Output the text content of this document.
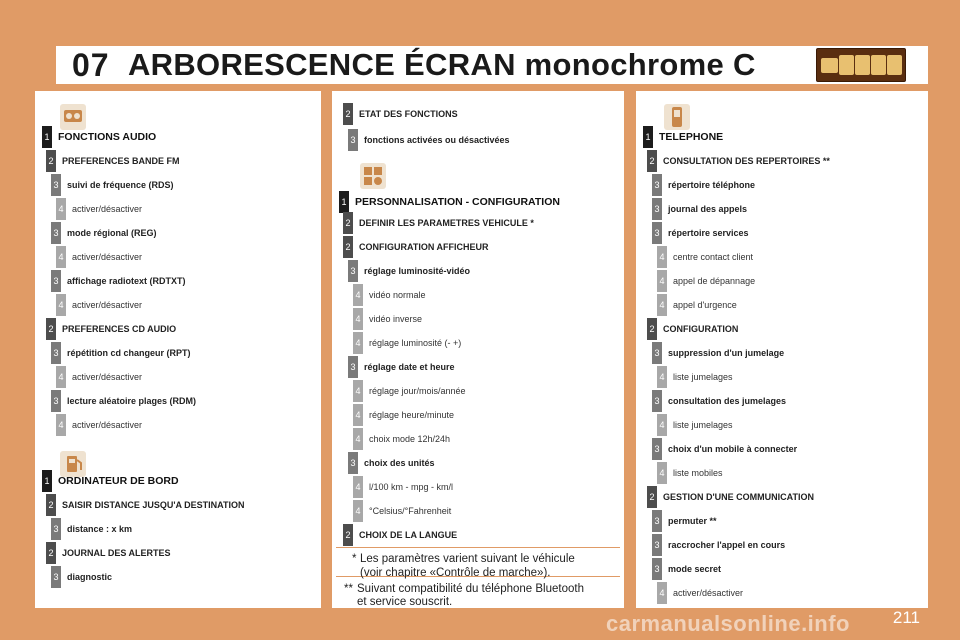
07 ARBORESCENCE ÉCRAN monochrome C
1 FONCTIONS AUDIO
2 PREFERENCES BANDE FM
3 suivi de fréquence (RDS)
4 activer/désactiver
3 mode régional (REG)
4 activer/désactiver
3 affichage radiotext (RDTXT)
4 activer/désactiver
2 PREFERENCES CD AUDIO
3 répétition cd changeur (RPT)
4 activer/désactiver
3 lecture aléatoire plages (RDM)
4 activer/désactiver
1 ORDINATEUR DE BORD
2 SAISIR DISTANCE JUSQU'A DESTINATION
3 distance : x km
2 JOURNAL DES ALERTES
3 diagnostic
2 ETAT DES FONCTIONS
3 fonctions activées ou désactivées
1 PERSONNALISATION - CONFIGURATION
2 DEFINIR LES PARAMETRES VEHICULE *
2 CONFIGURATION AFFICHEUR
3 réglage luminosité-vidéo
4 vidéo normale
4 vidéo inverse
4 réglage luminosité (- +)
3 réglage date et heure
4 réglage jour/mois/année
4 réglage heure/minute
4 choix mode 12h/24h
3 choix des unités
4 l/100 km - mpg - km/l
4 °Celsius/°Fahrenheit
2 CHOIX DE LA LANGUE
1 TELEPHONE
2 CONSULTATION DES REPERTOIRES **
3 répertoire téléphone
3 journal des appels
3 répertoire services
4 centre contact client
4 appel de dépannage
4 appel d'urgence
2 CONFIGURATION
3 suppression d'un jumelage
4 liste jumelages
3 consultation des jumelages
4 liste jumelages
3 choix d'un mobile à connecter
4 liste mobiles
2 GESTION D'UNE COMMUNICATION
3 permuter **
3 raccrocher l'appel en cours
3 mode secret
4 activer/désactiver
* Les paramètres varient suivant le véhicule
(voir chapitre «Contrôle de marche»).
** Suivant compatibilité du téléphone Bluetooth
et service souscrit.
211
carmanualsonline.info
